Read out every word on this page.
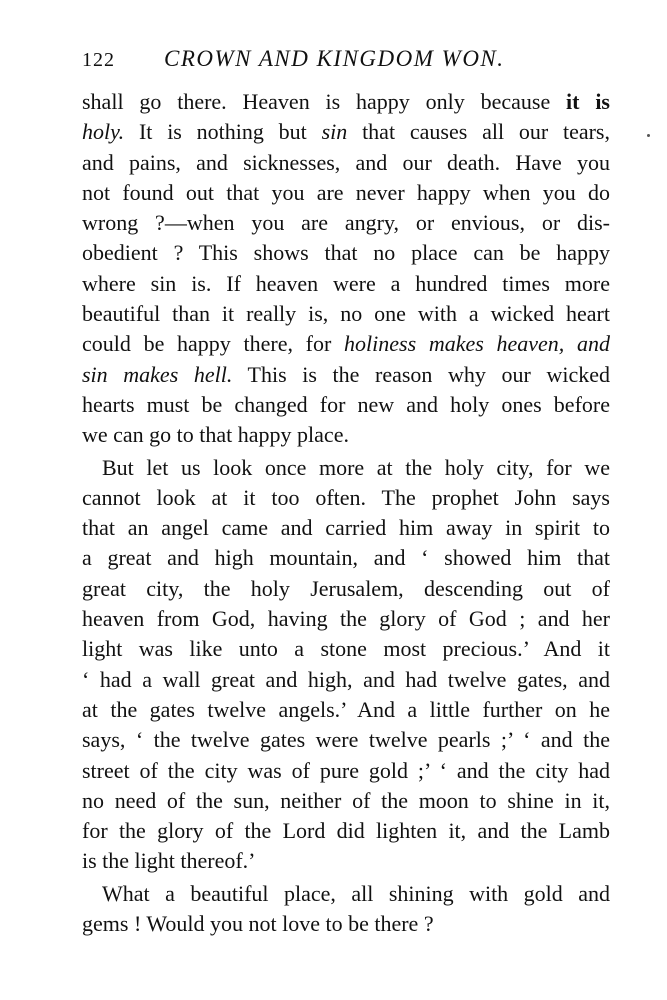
122 CROWN AND KINGDOM WON.
shall go there. Heaven is happy only because it is
holy. It is nothing but sin that causes all our tears,
and pains, and sicknesses, and our death. Have you
not found out that you are never happy when you do
wrong ?—when you are angry, or envious, or dis-
obedient ? This shows that no place can be happy
where sin is. If heaven were a hundred times more
beautiful than it really is, no one with a wicked heart
could be happy there, for holiness makes heaven, and
sin makes hell. This is the reason why our wicked
hearts must be changed for new and holy ones before
we can go to that happy place.
But let us look once more at the holy city, for we
cannot look at it too often. The prophet John says
that an angel came and carried him away in spirit to
a great and high mountain, and ‘ showed him that
great city, the holy Jerusalem, descending out of
heaven from God, having the glory of God ; and her
light was like unto a stone most precious.’ And it
‘ had a wall great and high, and had twelve gates, and
at the gates twelve angels.’ And a little further on he
says, ‘ the twelve gates were twelve pearls ;’ ‘ and the
street of the city was of pure gold ;’ ‘ and the city had
no need of the sun, neither of the moon to shine in it,
for the glory of the Lord did lighten it, and the Lamb
is the light thereof.’
What a beautiful place, all shining with gold and
gems ! Would you not love to be there ?
